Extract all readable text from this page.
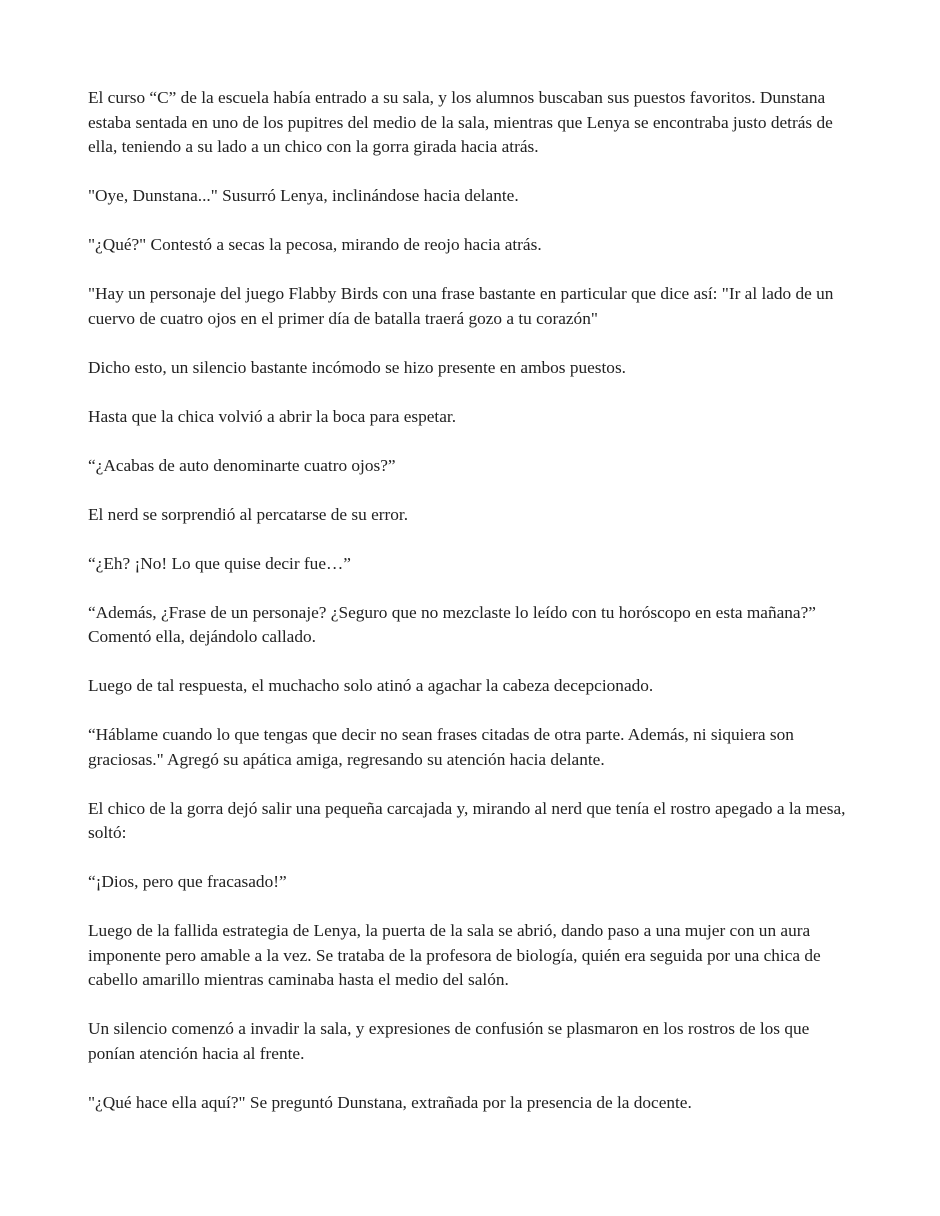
El curso “C” de la escuela había entrado a su sala, y los alumnos buscaban sus puestos favoritos. Dunstana estaba sentada en uno de los pupitres del medio de la sala, mientras que Lenya se encontraba justo detrás de ella, teniendo a su lado a un chico con la gorra girada hacia atrás.

"Oye, Dunstana..." Susurró Lenya, inclinándose hacia delante.

"¿Qué?" Contestó a secas la pecosa, mirando de reojo hacia atrás.

"Hay un personaje del juego Flabby Birds con una frase bastante en particular que dice así: "Ir al lado de un cuervo de cuatro ojos en el primer día de batalla traerá gozo a tu corazón"

Dicho esto, un silencio bastante incómodo se hizo presente en ambos puestos.

Hasta que la chica volvió a abrir la boca para espetar.

“¿Acabas de auto denominarte cuatro ojos?”

El nerd se sorprendió al percatarse de su error.

“¿Eh? ¡No! Lo que quise decir fue…”

“Además, ¿Frase de un personaje? ¿Seguro que no mezclaste lo leído con tu horóscopo en esta mañana?” Comentó ella, dejándolo callado.

Luego de tal respuesta, el muchacho solo atinó a agachar la cabeza decepcionado.

“Háblame cuando lo que tengas que decir no sean frases citadas de otra parte. Además, ni siquiera son graciosas." Agregó su apática amiga, regresando su atención hacia delante.

El chico de la gorra dejó salir una pequeña carcajada y, mirando al nerd que tenía el rostro apegado a la mesa, soltó:

“¡Dios, pero que fracasado!”

Luego de la fallida estrategia de Lenya, la puerta de la sala se abrió, dando paso a una mujer con un aura imponente pero amable a la vez. Se trataba de la profesora de biología, quién era seguida por una chica de cabello amarillo mientras caminaba hasta el medio del salón.

Un silencio comenzó a invadir la sala, y expresiones de confusión se plasmaron en los rostros de los que ponían atención hacia al frente.

"¿Qué hace ella aquí?" Se preguntó Dunstana, extrañada por la presencia de la docente.
